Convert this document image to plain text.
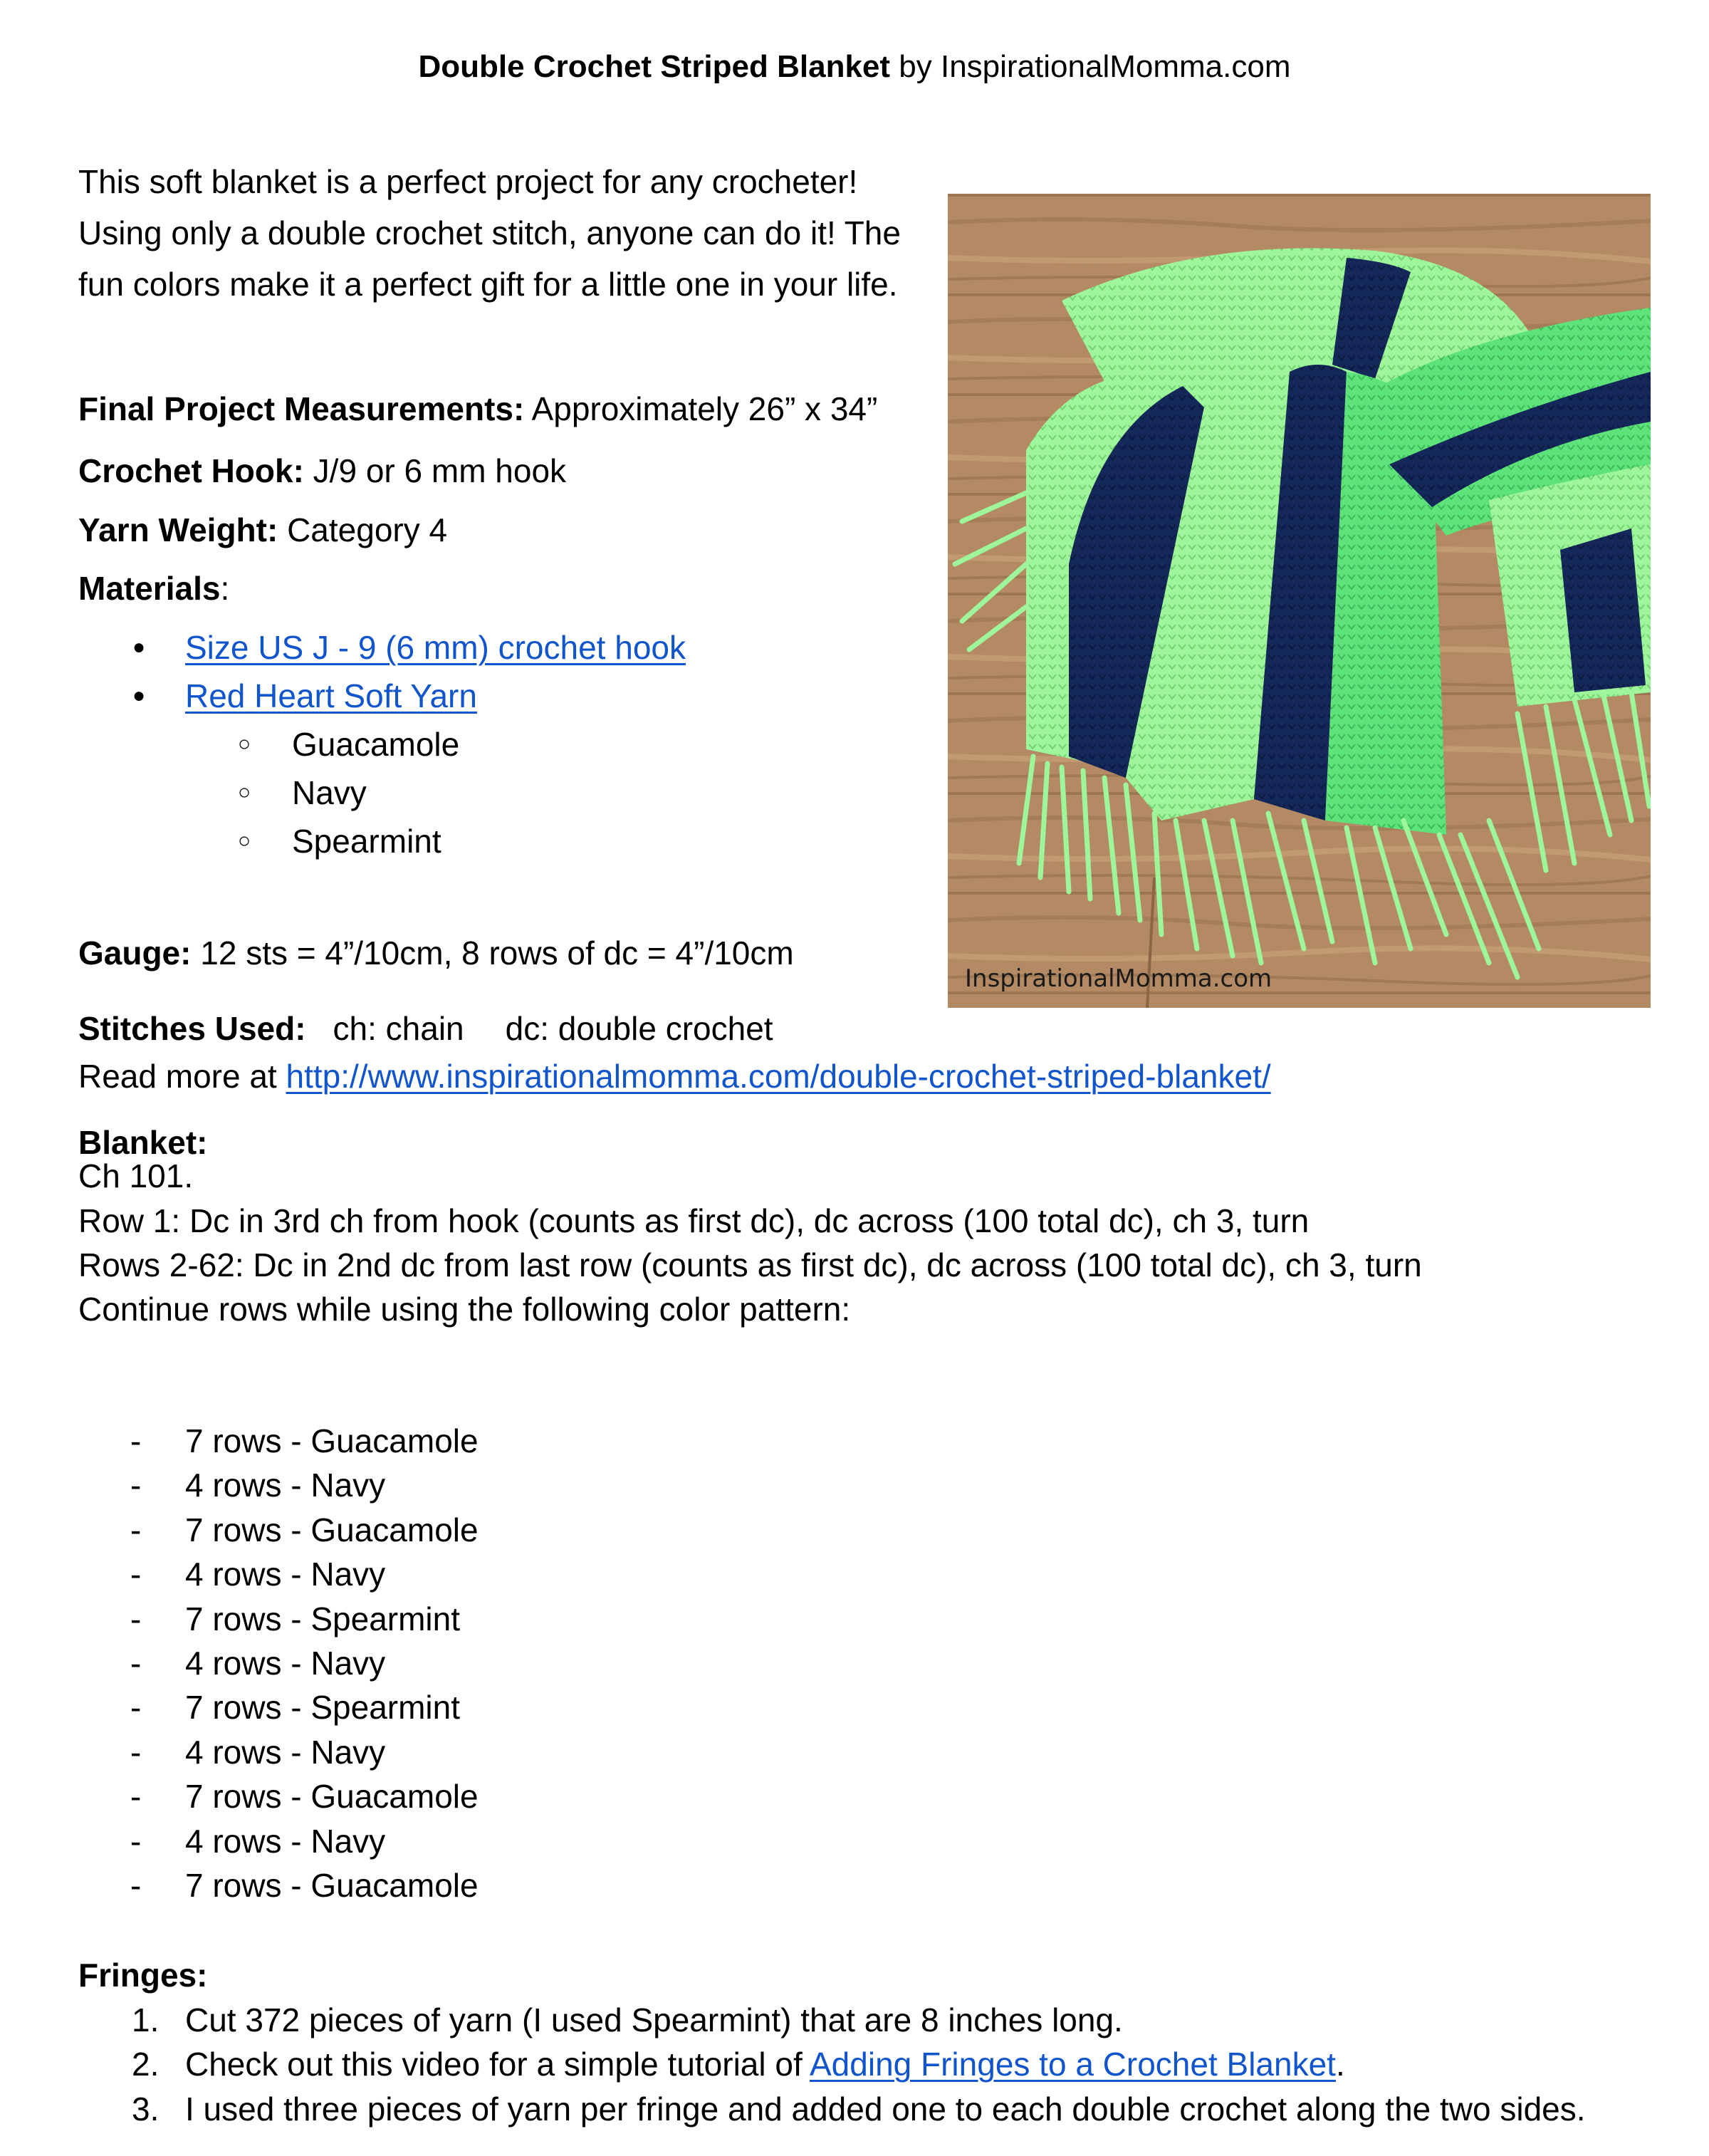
Double Crochet Striped Blanket by InspirationalMomma.com
This soft blanket is a perfect project for any crocheter!
Using only a double crochet stitch, anyone can do it! The
fun colors make it a perfect gift for a little one in your life.
Final Project Measurements: Approximately 26” x 34”
Crochet Hook: J/9 or 6 mm hook
Yarn Weight: Category 4
Materials:
● Size US J - 9 (6 mm) crochet hook
● Red Heart Soft Yarn
○ Guacamole
○ Navy
○ Spearmint
Gauge: 12 sts = 4”/10cm, 8 rows of dc = 4”/10cm
Stitches Used: ch: chain dc: double crochet
Read more at http://www.inspirationalmomma.com/double-crochet-striped-blanket/
Blanket:
Ch 101.
Row 1: Dc in 3rd ch from hook (counts as first dc), dc across (100 total dc), ch 3, turn
Rows 2-62: Dc in 2nd dc from last row (counts as first dc), dc across (100 total dc), ch 3, turn
Continue rows while using the following color pattern:
- 7 rows - Guacamole
- 4 rows - Navy
- 7 rows - Guacamole
- 4 rows - Navy
- 7 rows - Spearmint
- 4 rows - Navy
- 7 rows - Spearmint
- 4 rows - Navy
- 7 rows - Guacamole
- 4 rows - Navy
- 7 rows - Guacamole
Fringes:
1. Cut 372 pieces of yarn (I used Spearmint) that are 8 inches long.
2. Check out this video for a simple tutorial of Adding Fringes to a Crochet Blanket.
3. I used three pieces of yarn per fringe and added one to each double crochet along the two sides.
InspirationalMomma.com
